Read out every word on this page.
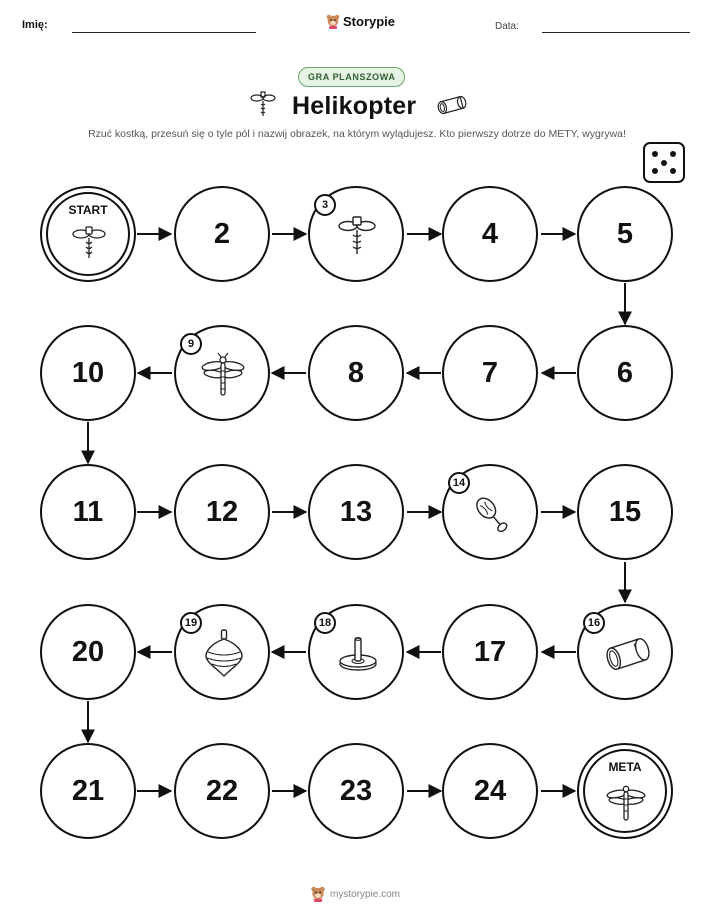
Imię:	Storypie	Data:
GRA PLANSZOWA
Helikopter
Rzuć kostką, przesuń się o tyle pól i nazwij obrazek, na którym wylądujesz. Kto pierwszy dotrze do METY, wygrywa!
START
2
3
4	5
6
7
8
9
10
11	12	13
14
15
16
17
18
19
20
21	22	23	24
META
mystorypie.com
